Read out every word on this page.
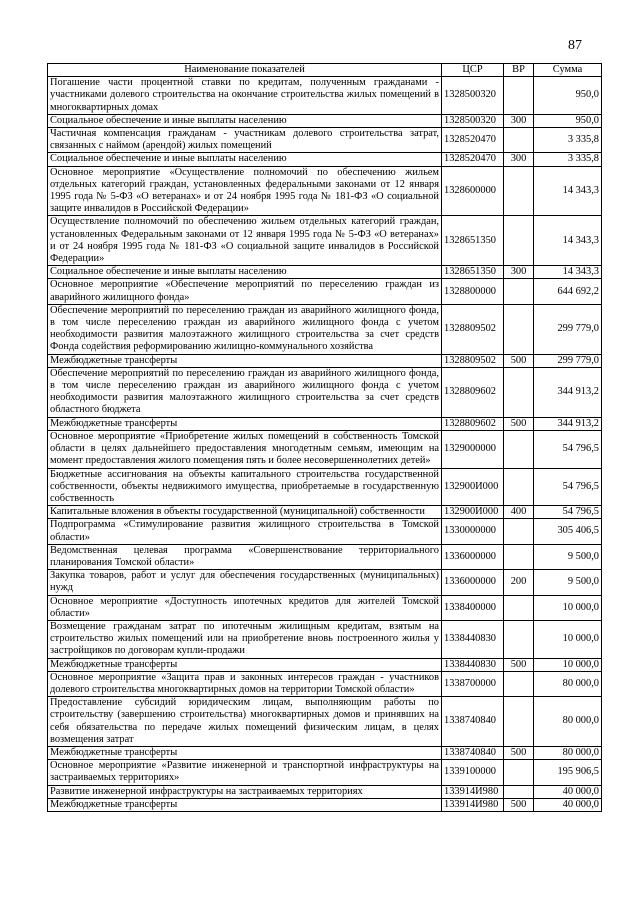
87
Наименование показателей	ЦСР	ВР	Сумма
Погашение части процентной ставки по кредитам, полученным гражданами - участниками долевого строительства на окончание строительства жилых помещений в многоквартирных домах	1328500320		950,0
Социальное обеспечение и иные выплаты населению	1328500320	300	950,0
Частичная компенсация гражданам - участникам долевого строительства затрат, связанных с наймом (арендой) жилых помещений	1328520470		3 335,8
Социальное обеспечение и иные выплаты населению	1328520470	300	3 335,8
Основное мероприятие «Осуществление полномочий по обеспечению жильем отдельных категорий граждан, установленных федеральными законами от 12 января 1995 года № 5-ФЗ «О ветеранах» и от 24 ноября 1995 года № 181-ФЗ «О социальной защите инвалидов в Российской Федерации»	1328600000		14 343,3
Осуществление полномочий по обеспечению жильем отдельных категорий граждан, установленных Федеральным законами от 12 января 1995 года № 5-ФЗ «О ветеранах» и от 24 ноября 1995 года № 181-ФЗ «О социальной защите инвалидов в Российской Федерации»	1328651350		14 343,3
Социальное обеспечение и иные выплаты населению	1328651350	300	14 343,3
Основное мероприятие «Обеспечение мероприятий по переселению граждан из аварийного жилищного фонда»	1328800000		644 692,2
Обеспечение мероприятий по переселению граждан из аварийного жилищного фонда, в том числе переселению граждан из аварийного жилищного фонда с учетом необходимости развития малоэтажного жилищного строительства за счет средств Фонда содействия реформированию жилищно-коммунального хозяйства	1328809502		299 779,0
Межбюджетные трансферты	1328809502	500	299 779,0
Обеспечение мероприятий по переселению граждан из аварийного жилищного фонда, в том числе переселению граждан из аварийного жилищного фонда с учетом необходимости развития малоэтажного жилищного строительства за счет средств областного бюджета	1328809602		344 913,2
Межбюджетные трансферты	1328809602	500	344 913,2
Основное мероприятие «Приобретение жилых помещений в собственность Томской области в целях дальнейшего предоставления многодетным семьям, имеющим на момент предоставления жилого помещения пять и более несовершеннолетних детей»	1329000000		54 796,5
Бюджетные ассигнования на объекты капитального строительства государственной собственности, объекты недвижимого имущества, приобретаемые в государственную собственность	132900И000		54 796,5
Капитальные вложения в объекты государственной (муниципальной) собственности	132900И000	400	54 796,5
Подпрограмма «Стимулирование развития жилищного строительства в Томской области»	1330000000		305 406,5
Ведомственная целевая программа «Совершенствование территориального планирования Томской области»	1336000000		9 500,0
Закупка товаров, работ и услуг для обеспечения государственных (муниципальных) нужд	1336000000	200	9 500,0
Основное мероприятие «Доступность ипотечных кредитов для жителей Томской области»	1338400000		10 000,0
Возмещение гражданам затрат по ипотечным жилищным кредитам, взятым на строительство жилых помещений или на приобретение вновь построенного жилья у застройщиков по договорам купли-продажи	1338440830		10 000,0
Межбюджетные трансферты	1338440830	500	10 000,0
Основное мероприятие «Защита прав и законных интересов граждан - участников долевого строительства многоквартирных домов на территории Томской области»	1338700000		80 000,0
Предоставление субсидий юридическим лицам, выполняющим работы по строительству (завершению строительства) многоквартирных домов и принявших на себя обязательства по передаче жилых помещений физическим лицам, в целях возмещения затрат	1338740840		80 000,0
Межбюджетные трансферты	1338740840	500	80 000,0
Основное мероприятие «Развитие инженерной и транспортной инфраструктуры на застраиваемых территориях»	1339100000		195 906,5
Развитие инженерной инфраструктуры на застраиваемых территориях	133914И980		40 000,0
Межбюджетные трансферты	133914И980	500	40 000,0
